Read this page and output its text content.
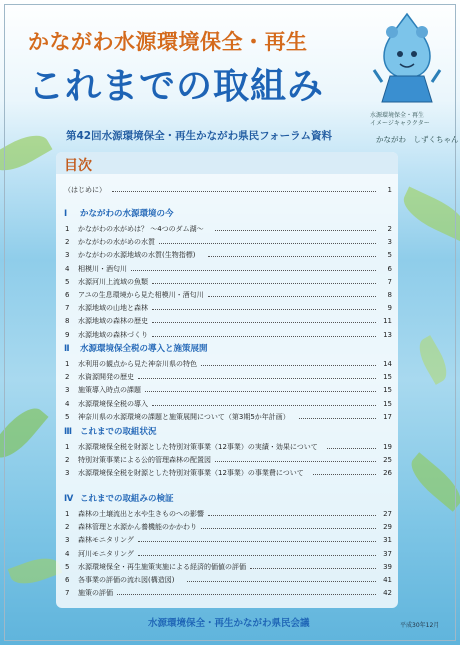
かながわ水源環境保全・再生
これまでの取組み
水源環境保全・再生
イメージキャラクター
かながわ　しずくちゃん
第42回水源環境保全・再生かながわ県民フォーラム資料
目次
（はじめに）	1
Ⅰ かながわの水源環境の今
1 かながわの水がめは？ ～4つのダム湖～	2
2 かながわの水がめの水質	3
3 かながわの水源地域の水質(生物指標)	5
4 相模川・酒匂川	6
5 水源河川上流域の魚類	7
6 アユの生息環境から見た相模川・酒匂川	8
7 水源地域の山地と森林	9
8 水源地域の森林の歴史	11
9 水源地域の森林づくり	13
Ⅱ 水源環境保全税の導入と施策展開
1 水利用の観点から見た神奈川県の特色	14
2 水資源開発の歴史	15
3 施策導入時点の課題	15
4 水源環境保全税の導入	15
5 神奈川県の水源環境の課題と施策展開について（第3期5か年計画）	17
Ⅲ これまでの取組状況
1 水源環境保全税を財源とした特別対策事業（12事業）の実績・効果について	19
2 特別対策事業による公的管理森林の配置図	25
3 水源環境保全税を財源とした特別対策事業（12事業）の事業費について	26
Ⅳ これまでの取組みの検証
1 森林の土壌流出と水や生きものへの影響	27
2 森林管理と水源かん養機能のかかわり	29
3 森林モニタリング	31
4 河川モニタリング	37
5 水源環境保全・再生施策実施による経済的価値の評価	39
6 各事業の評価の流れ図(構造図)	41
7 施策の評価	42
水源環境保全・再生かながわ県民会議	平成30年12月
